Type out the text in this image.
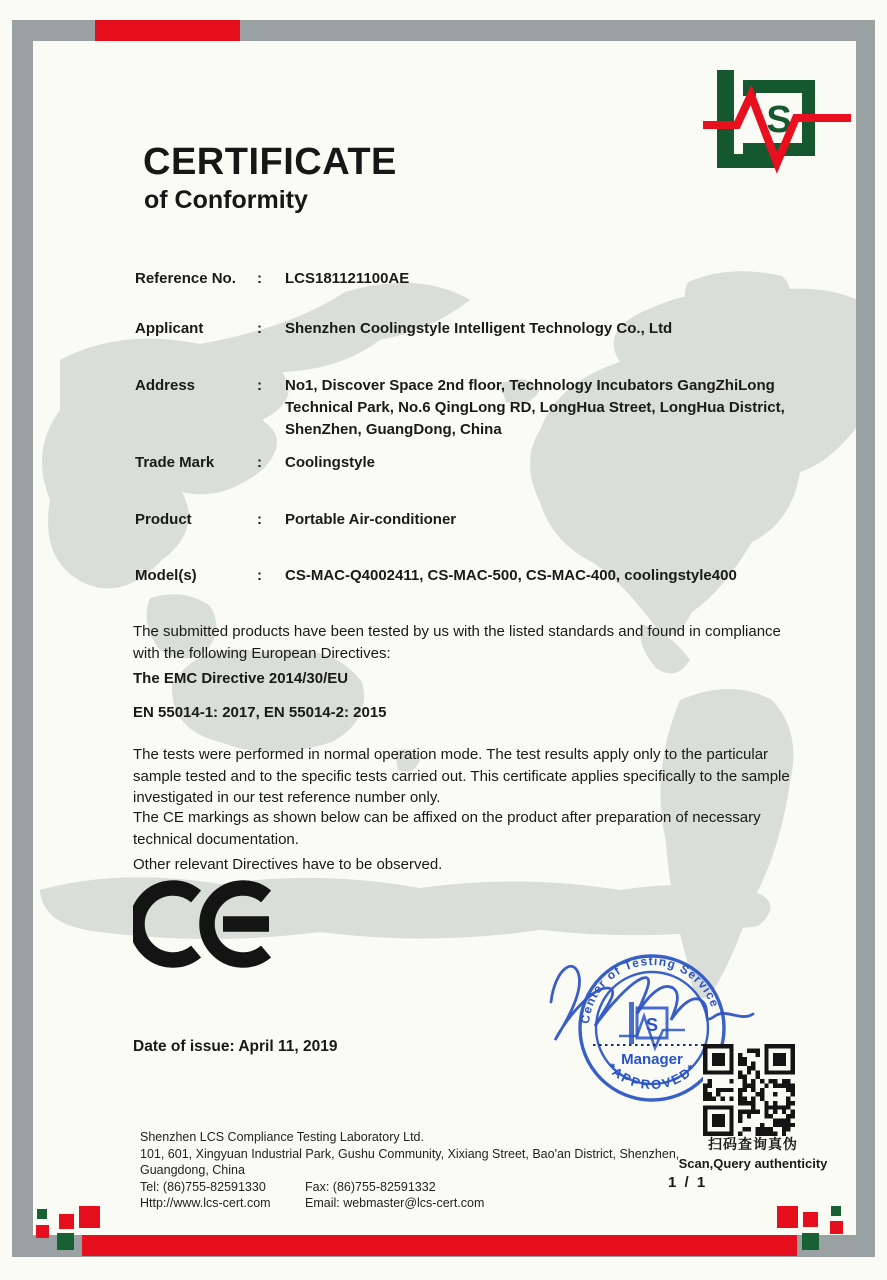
S
CERTIFICATE
of Conformity
Reference No.	:	LCS181121100AE
Applicant	:	Shenzhen Coolingstyle Intelligent Technology Co., Ltd
Address	:	No1, Discover Space 2nd floor, Technology Incubators GangZhiLong Technical Park, No.6 QingLong RD, LongHua Street, LongHua District, ShenZhen, GuangDong, China
Trade Mark	:	Coolingstyle
Product	:	Portable Air-conditioner
Model(s)	:	CS-MAC-Q4002411, CS-MAC-500, CS-MAC-400, coolingstyle400
The submitted products have been tested by us with the listed standards and found in compliance with the following European Directives:
The EMC Directive 2014/30/EU
EN 55014-1: 2017, EN 55014-2: 2015
The tests were performed in normal operation mode. The test results apply only to the particular sample tested and to the specific tests carried out. This certificate applies specifically to the sample investigated in our test reference number only.
The CE markings as shown below can be affixed on the product after preparation of necessary technical documentation.
Other relevant Directives have to be observed.
Date of issue: April 11, 2019
Shenzhen LCS Compliance Testing Laboratory Ltd.
101, 601, Xingyuan Industrial Park, Gushu Community, Xixiang Street, Bao'an District, Shenzhen,
Guangdong, China
Tel: (86)755-82591330	Fax: (86)755-82591332
Http://www.lcs-cert.com	Email: webmaster@lcs-cert.com
1 / 1
扫码查询真伪
Scan,Query authenticity
Center of Testing Service
*APPROVED*
S
Manager
